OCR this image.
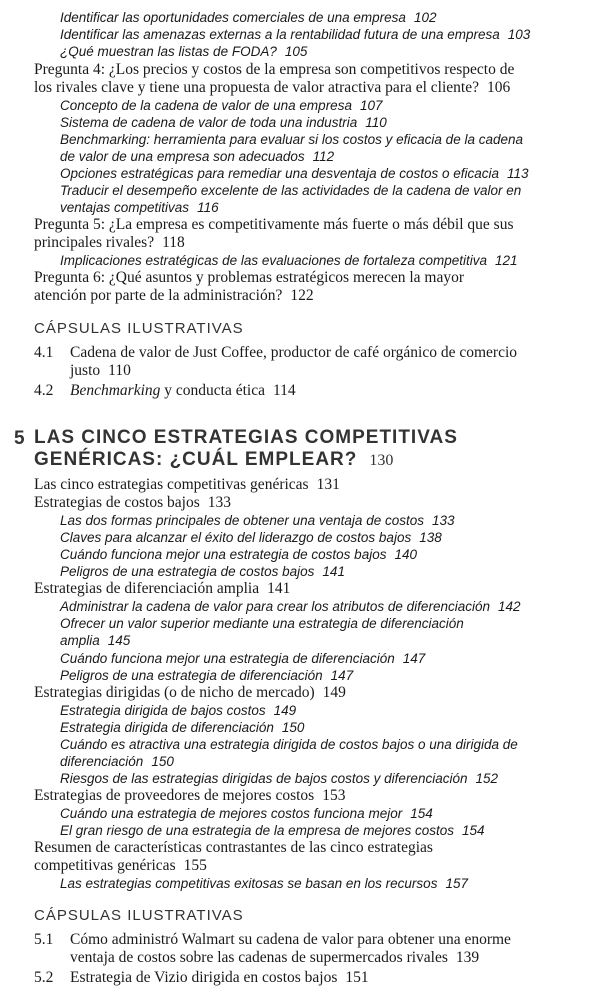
Identificar las oportunidades comerciales de una empresa 102
Identificar las amenazas externas a la rentabilidad futura de una empresa 103
¿Qué muestran las listas de FODA? 105
Pregunta 4: ¿Los precios y costos de la empresa son competitivos respecto de
los rivales clave y tiene una propuesta de valor atractiva para el cliente? 106
Concepto de la cadena de valor de una empresa 107
Sistema de cadena de valor de toda una industria 110
Benchmarking: herramienta para evaluar si los costos y eficacia de la cadena
de valor de una empresa son adecuados 112
Opciones estratégicas para remediar una desventaja de costos o eficacia 113
Traducir el desempeño excelente de las actividades de la cadena de valor en
ventajas competitivas 116
Pregunta 5: ¿La empresa es competitivamente más fuerte o más débil que sus
principales rivales? 118
Implicaciones estratégicas de las evaluaciones de fortaleza competitiva 121
Pregunta 6: ¿Qué asuntos y problemas estratégicos merecen la mayor
atención por parte de la administración? 122
CÁPSULAS ILUSTRATIVAS
4.1 Cadena de valor de Just Coffee, productor de café orgánico de comercio
justo 110
4.2 Benchmarking y conducta ética 114
5 LAS CINCO ESTRATEGIAS COMPETITIVAS
GENÉRICAS: ¿CUÁL EMPLEAR? 130
Las cinco estrategias competitivas genéricas 131
Estrategias de costos bajos 133
Las dos formas principales de obtener una ventaja de costos 133
Claves para alcanzar el éxito del liderazgo de costos bajos 138
Cuándo funciona mejor una estrategia de costos bajos 140
Peligros de una estrategia de costos bajos 141
Estrategias de diferenciación amplia 141
Administrar la cadena de valor para crear los atributos de diferenciación 142
Ofrecer un valor superior mediante una estrategia de diferenciación
amplia 145
Cuándo funciona mejor una estrategia de diferenciación 147
Peligros de una estrategia de diferenciación 147
Estrategias dirigidas (o de nicho de mercado) 149
Estrategia dirigida de bajos costos 149
Estrategia dirigida de diferenciación 150
Cuándo es atractiva una estrategia dirigida de costos bajos o una dirigida de
diferenciación 150
Riesgos de las estrategias dirigidas de bajos costos y diferenciación 152
Estrategias de proveedores de mejores costos 153
Cuándo una estrategia de mejores costos funciona mejor 154
El gran riesgo de una estrategia de la empresa de mejores costos 154
Resumen de características contrastantes de las cinco estrategias
competitivas genéricas 155
Las estrategias competitivas exitosas se basan en los recursos 157
CÁPSULAS ILUSTRATIVAS
5.1 Cómo administró Walmart su cadena de valor para obtener una enorme
ventaja de costos sobre las cadenas de supermercados rivales 139
5.2 Estrategia de Vizio dirigida en costos bajos 151
